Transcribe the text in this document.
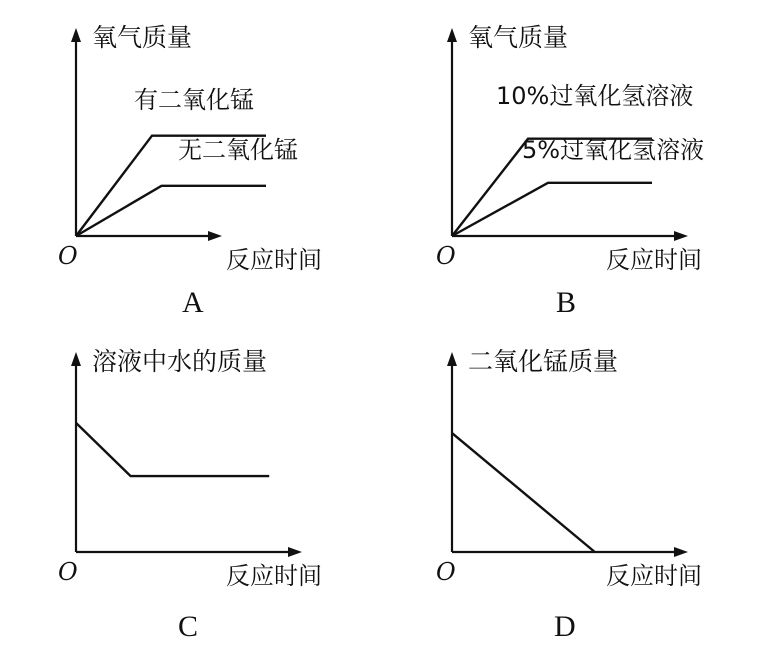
有二氧化锰
无二氧化锰
氧气质量
反应时间
O
A
10%过氧化氢溶液
5%过氧化氢溶液
氧气质量
反应时间
O
B
溶液中水的质量
反应时间
O
C
二氧化锰质量
反应时间
O
D
